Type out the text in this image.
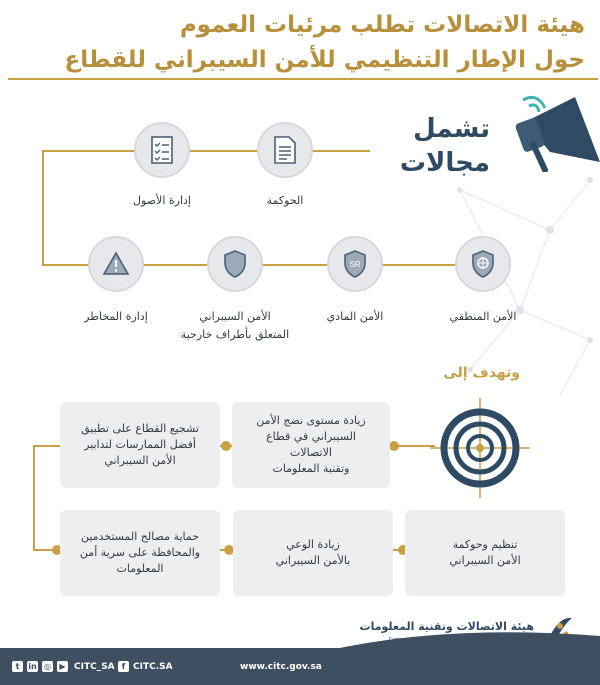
هيئة الاتصالات تطلب مرئيات العموم
حول الإطار التنظيمي للأمن السيبراني للقطاع
تشمل
مجالات
الحوكمة
إدارة الأصول
الأمن المنطقي
SR
الأمن المادي
الأمن السيبراني
المتعلق بأطراف خارجية
إدارة المخاطر
وتهدف إلى
زيادة مستوى نضج الأمن
السيبراني في قطاع الاتصالات
وتقنية المعلومات
تشجيع القطاع على تطبيق
أفضل الممارسات لتدابير
الأمن السيبراني
تنظيم وحوكمة
الأمن السيبراني
زيادة الوعي
بالأمن السيبراني
حماية مصالح المستخدمين
والمحافظة على سرية أمن
المعلومات
هيئة الاتصالات وتقنية المعلومات
www.citc.gov.sa
f CITC.SA
t	in ◎	▶ CITC_SA
